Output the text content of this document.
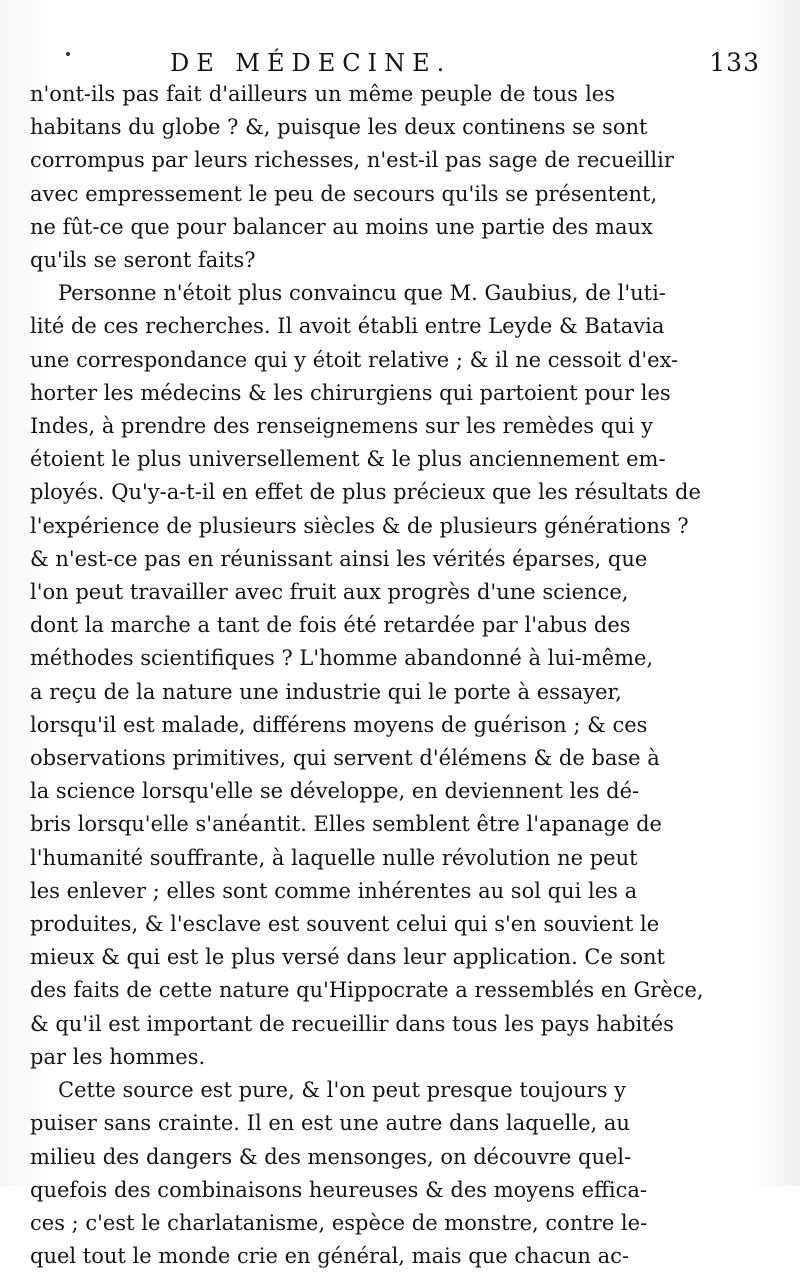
DE MÉDECINE.	133
n'ont-ils pas fait d'ailleurs un même peuple de tous les
habitans du globe ? &, puisque les deux continens se sont
corrompus par leurs richesses, n'est-il pas sage de recueillir
avec empressement le peu de secours qu'ils se présentent,
ne fût-ce que pour balancer au moins une partie des maux
qu'ils se seront faits?
Personne n'étoit plus convaincu que M. Gaubius, de l'uti-
lité de ces recherches. Il avoit établi entre Leyde & Batavia
une correspondance qui y étoit relative ; & il ne cessoit d'ex-
horter les médecins & les chirurgiens qui partoient pour les
Indes, à prendre des renseignemens sur les remèdes qui y
étoient le plus universellement & le plus anciennement em-
ployés. Qu'y-a-t-il en effet de plus précieux que les résultats de
l'expérience de plusieurs siècles & de plusieurs générations ?
& n'est-ce pas en réunissant ainsi les vérités éparses, que
l'on peut travailler avec fruit aux progrès d'une science,
dont la marche a tant de fois été retardée par l'abus des
méthodes scientifiques ? L'homme abandonné à lui-même,
a reçu de la nature une industrie qui le porte à essayer,
lorsqu'il est malade, différens moyens de guérison ; & ces
observations primitives, qui servent d'élémens & de base à
la science lorsqu'elle se développe, en deviennent les dé-
bris lorsqu'elle s'anéantit. Elles semblent être l'apanage de
l'humanité souffrante, à laquelle nulle révolution ne peut
les enlever ; elles sont comme inhérentes au sol qui les a
produites, & l'esclave est souvent celui qui s'en souvient le
mieux & qui est le plus versé dans leur application. Ce sont
des faits de cette nature qu'Hippocrate a ressemblés en Grèce,
& qu'il est important de recueillir dans tous les pays habités
par les hommes.
Cette source est pure, & l'on peut presque toujours y
puiser sans crainte. Il en est une autre dans laquelle, au
milieu des dangers & des mensonges, on découvre quel-
quefois des combinaisons heureuses & des moyens effica-
ces ; c'est le charlatanisme, espèce de monstre, contre le-
quel tout le monde crie en général, mais que chacun ac-
